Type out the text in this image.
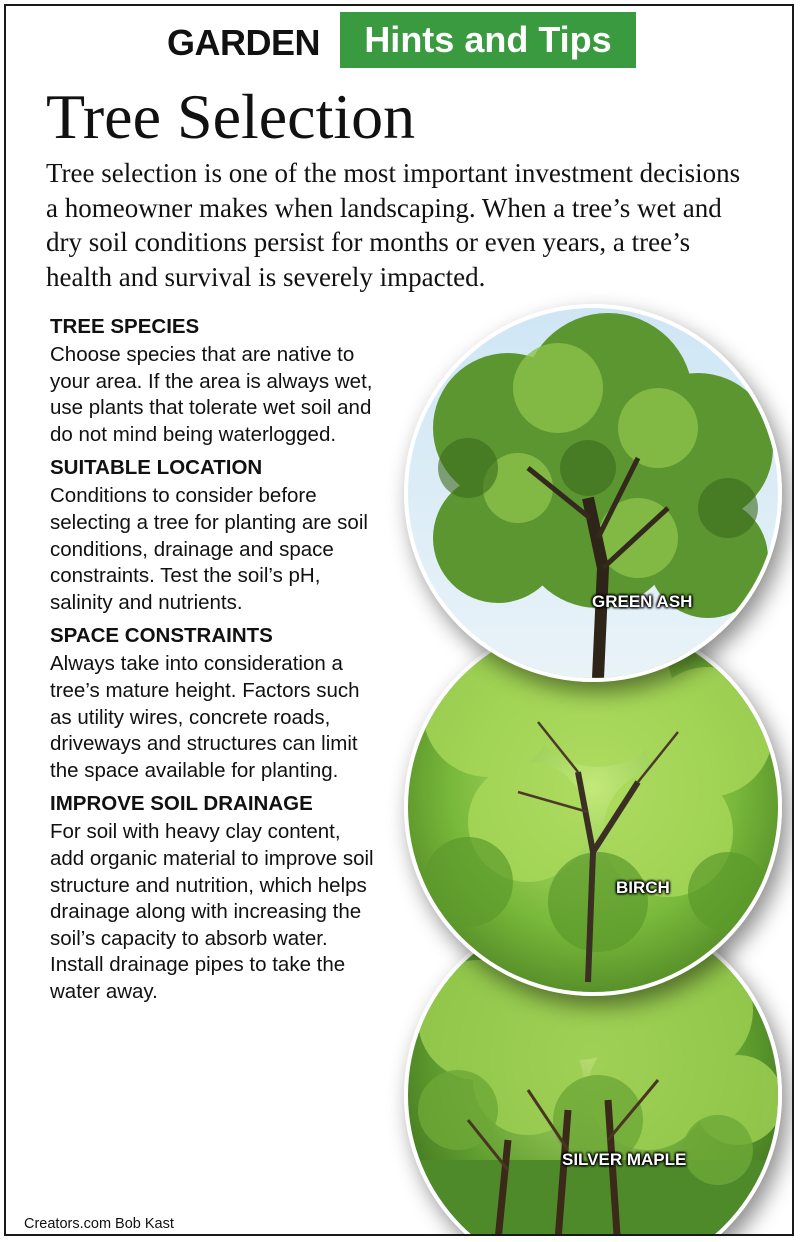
GARDEN	Hints and Tips
Tree Selection

Tree selection is one of the most important investment decisions a homeowner makes when landscaping. When a tree’s wet and dry soil conditions persist for months or even years, a tree’s health and survival is severely impacted.

TREE SPECIES

Choose species that are native to your area. If the area is always wet, use plants that tolerate wet soil and do not mind being waterlogged.

SUITABLE LOCATION

Conditions to consider before selecting a tree for planting are soil conditions, drainage and space constraints. Test the soil’s pH, salinity and nutrients.

SPACE CONSTRAINTS

Always take into consideration a tree’s mature height. Factors such as utility wires, concrete roads, driveways and structures can limit the space available for planting.

IMPROVE SOIL DRAINAGE

For soil with heavy clay content, add organic material to improve soil structure and nutrition, which helps drainage along with increasing the soil’s capacity to absorb water. Install drainage pipes to take the water away.

GREEN ASH
BIRCH
SILVER MAPLE
Creators.com Bob Kast
